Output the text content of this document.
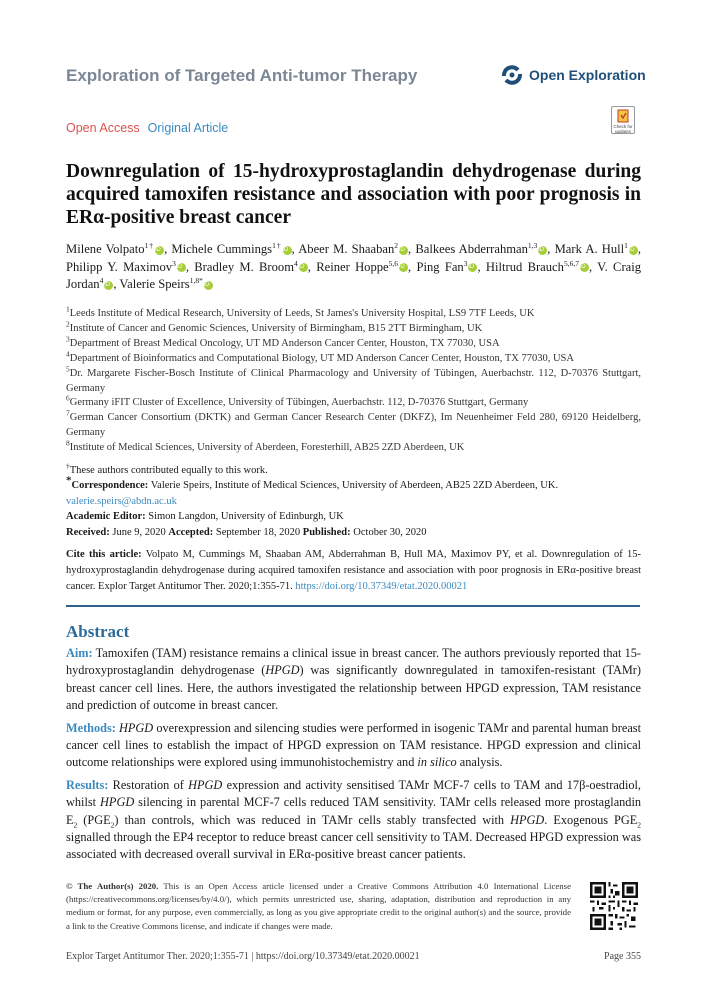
Exploration of Targeted Anti-tumor Therapy	Open Exploration
Open Access Original Article	Check for updates
Downregulation of 15-hydroxyprostaglandin dehydrogenase during acquired tamoxifen resistance and association with poor prognosis in ERα-positive breast cancer
Milene Volpato$^{1\dagger}$iD , Michele Cummings$^{1\dagger}$iD , Abeer M. Shaaban$^2$iD , Balkees Abderrahman$^{1,3}$iD , Mark A. Hull$^1$iD , Philipp Y. Maximov$^3$iD , Bradley M. Broom$^4$iD , Reiner Hoppe$^{5,6}$iD , Ping Fan$^3$iD , Hiltrud Brauch$^{5,6,7}$iD , V. Craig Jordan$^4$iD , Valerie Speirs$^{1,8*}$iD
$^1$Leeds Institute of Medical Research, University of Leeds, St James's University Hospital, LS9 7TF Leeds, UK
$^2$Institute of Cancer and Genomic Sciences, University of Birmingham, B15 2TT Birmingham, UK
$^3$Department of Breast Medical Oncology, UT MD Anderson Cancer Center, Houston, TX 77030, USA
$^4$Department of Bioinformatics and Computational Biology, UT MD Anderson Cancer Center, Houston, TX 77030, USA
$^5$Dr. Margarete Fischer-Bosch Institute of Clinical Pharmacology and University of Tübingen, Auerbachstr. 112, D-70376 Stuttgart, Germany
$^6$Germany iFIT Cluster of Excellence, University of Tübingen, Auerbachstr. 112, D-70376 Stuttgart, Germany
$^7$German Cancer Consortium (DKTK) and German Cancer Research Center (DKFZ), Im Neuenheimer Feld 280, 69120 Heidelberg, Germany
$^8$Institute of Medical Sciences, University of Aberdeen, Foresterhill, AB25 2ZD Aberdeen, UK
†These authors contributed equally to this work.
*Correspondence: Valerie Speirs, Institute of Medical Sciences, University of Aberdeen, AB25 2ZD Aberdeen, UK. valerie.speirs@abdn.ac.uk
Academic Editor: Simon Langdon, University of Edinburgh, UK
Received: June 9, 2020 Accepted: September 18, 2020 Published: October 30, 2020
Cite this article: Volpato M, Cummings M, Shaaban AM, Abderrahman B, Hull MA, Maximov PY, et al. Downregulation of 15-hydroxyprostaglandin dehydrogenase during acquired tamoxifen resistance and association with poor prognosis in ERα-positive breast cancer. Explor Target Antitumor Ther. 2020;1:355-71. https://doi.org/10.37349/etat.2020.00021
Abstract

Aim: Tamoxifen (TAM) resistance remains a clinical issue in breast cancer. The authors previously reported that 15-hydroxyprostaglandin dehydrogenase (HPGD) was significantly downregulated in tamoxifen-resistant (TAMr) breast cancer cell lines. Here, the authors investigated the relationship between HPGD expression, TAM resistance and prediction of outcome in breast cancer.

Methods: HPGD overexpression and silencing studies were performed in isogenic TAMr and parental human breast cancer cell lines to establish the impact of HPGD expression on TAM resistance. HPGD expression and clinical outcome relationships were explored using immunohistochemistry and in silico analysis.

Results: Restoration of HPGD expression and activity sensitised TAMr MCF-7 cells to TAM and 17β-oestradiol, whilst HPGD silencing in parental MCF-7 cells reduced TAM sensitivity. TAMr cells released more prostaglandin $E_2$ $(PGE_2)$ than controls, which was reduced in TAMr cells stably transfected with HPGD. Exogenous $PGE_2$ signalled through the EP4 receptor to reduce breast cancer cell sensitivity to TAM. Decreased HPGD expression was associated with decreased overall survival in ERα-positive breast cancer patients.

© The Author(s) 2020. This is an Open Access article licensed under a Creative Commons Attribution 4.0 International License (https://creativecommons.org/licenses/by/4.0/), which permits unrestricted use, sharing, adaptation, distribution and reproduction in any medium or format, for any purpose, even commercially, as long as you give appropriate credit to the original author(s) and the source, provide a link to the Creative Commons license, and indicate if changes were made.
Explor Target Antitumor Ther. 2020;1:355-71 | https://doi.org/10.37349/etat.2020.00021	Page 355
